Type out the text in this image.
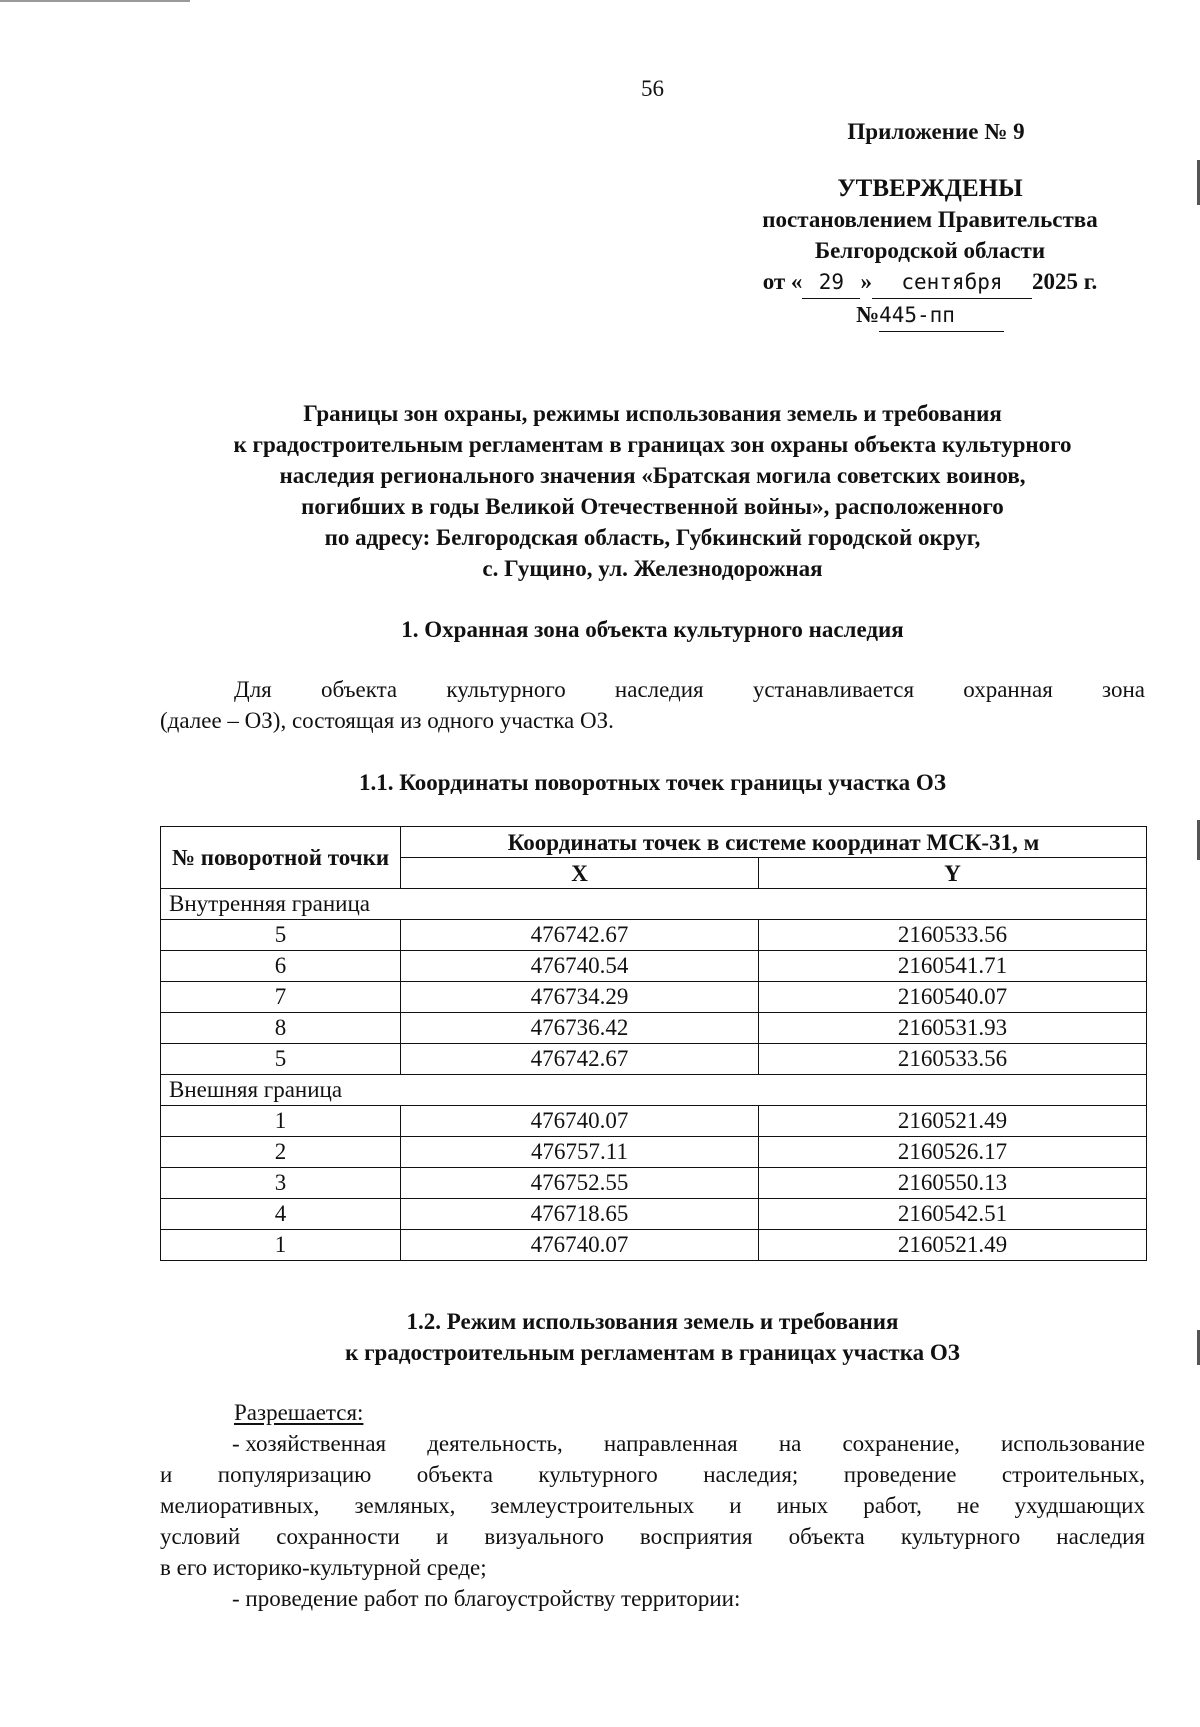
56
Приложение № 9
УТВЕРЖДЕНЫ
постановлением Правительства
Белгородской области
от « 29 » сентября 2025 г.
№445-пп
Границы зон охраны, режимы использования земель и требования
к градостроительным регламентам в границах зон охраны объекта культурного
наследия регионального значения «Братская могила советских воинов,
погибших в годы Великой Отечественной войны», расположенного
по адресу: Белгородская область, Губкинский городской округ,
с. Гущино, ул. Железнодорожная
1. Охранная зона объекта культурного наследия
Для объекта культурного наследия устанавливается охранная зона
(далее – ОЗ), состоящая из одного участка ОЗ.
1.1. Координаты поворотных точек границы участка ОЗ
№ поворотной точки	Координаты точек в системе координат МСК-31, м	
	X	Y
Внутренняя граница		
5	476742.67	2160533.56
6	476740.54	2160541.71
7	476734.29	2160540.07
8	476736.42	2160531.93
5	476742.67	2160533.56
Внешняя граница		
1	476740.07	2160521.49
2	476757.11	2160526.17
3	476752.55	2160550.13
4	476718.65	2160542.51
1	476740.07	2160521.49
1.2. Режим использования земель и требования
к градостроительным регламентам в границах участка ОЗ
Разрешается:
- хозяйственная деятельность, направленная на сохранение, использование
и популяризацию объекта культурного наследия; проведение строительных,
мелиоративных, земляных, землеустроительных и иных работ, не ухудшающих
условий сохранности и визуального восприятия объекта культурного наследия
в его историко-культурной среде;
- проведение работ по благоустройству территории:
